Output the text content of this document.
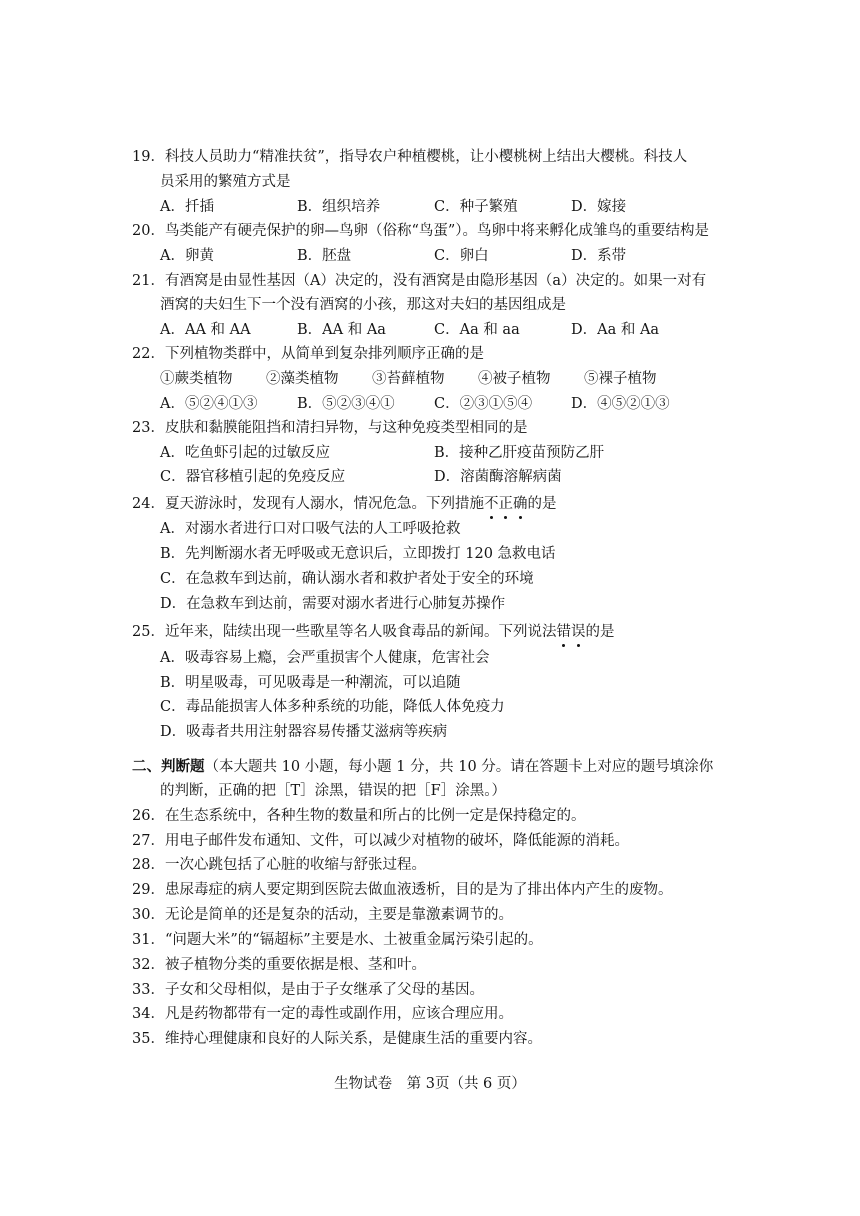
19．科技人员助力“精准扶贫”，指导农户种植樱桃，让小樱桃树上结出大樱桃。科技人
员采用的繁殖方式是
A．扦插	B．组织培养	C．种子繁殖	D．嫁接
20．鸟类能产有硬壳保护的卵—鸟卵（俗称“鸟蛋”）。鸟卵中将来孵化成雏鸟的重要结构是
A．卵黄	B．胚盘	C．卵白	D．系带
21．有酒窝是由显性基因（A）决定的，没有酒窝是由隐形基因（a）决定的。如果一对有
酒窝的夫妇生下一个没有酒窝的小孩，那这对夫妇的基因组成是
A．AA 和 AA	B．AA 和 Aa	C．Aa 和 aa	D．Aa 和 Aa
22．下列植物类群中，从简单到复杂排列顺序正确的是
①蕨类植物 ②藻类植物 ③苔藓植物 ④被子植物 ⑤裸子植物
A．⑤②④①③	B．⑤②③④①	C．②③①⑤④	D．④⑤②①③
23．皮肤和黏膜能阻挡和清扫异物，与这种免疫类型相同的是
A．吃鱼虾引起的过敏反应	B．接种乙肝疫苗预防乙肝
C．器官移植引起的免疫反应	D．溶菌酶溶解病菌
24．夏天游泳时，发现有人溺水，情况危急。下列措施不正确的是
A．对溺水者进行口对口吸气法的人工呼吸抢救
B．先判断溺水者无呼吸或无意识后，立即拨打 120 急救电话
C．在急救车到达前，确认溺水者和救护者处于安全的环境
D．在急救车到达前，需要对溺水者进行心肺复苏操作
25．近年来，陆续出现一些歌星等名人吸食毒品的新闻。下列说法错误的是
A．吸毒容易上瘾，会严重损害个人健康，危害社会
B．明星吸毒，可见吸毒是一种潮流，可以追随
C．毒品能损害人体多种系统的功能，降低人体免疫力
D．吸毒者共用注射器容易传播艾滋病等疾病
二、判断题（本大题共 10 小题，每小题 1 分，共 10 分。请在答题卡上对应的题号填涂你
的判断，正确的把［T］涂黑，错误的把［F］涂黑。）
26．在生态系统中，各种生物的数量和所占的比例一定是保持稳定的。
27．用电子邮件发布通知、文件，可以减少对植物的破坏，降低能源的消耗。
28．一次心跳包括了心脏的收缩与舒张过程。
29．患尿毒症的病人要定期到医院去做血液透析，目的是为了排出体内产生的废物。
30．无论是简单的还是复杂的活动，主要是靠激素调节的。
31．“问题大米”的“镉超标”主要是水、土被重金属污染引起的。
32．被子植物分类的重要依据是根、茎和叶。
33．子女和父母相似，是由于子女继承了父母的基因。
34．凡是药物都带有一定的毒性或副作用，应该合理应用。
35．维持心理健康和良好的人际关系，是健康生活的重要内容。
生物试卷　第 3页（共 6 页）
